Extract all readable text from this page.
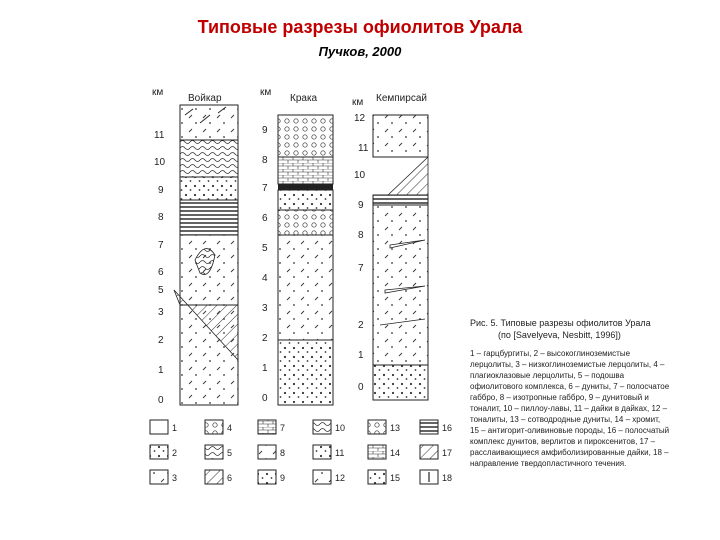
Типовые разрезы офиолитов Урала
Пучков, 2000
км	км
км
Войкар	Крака	Кемпирсай
11
10
9
8
7
6
5
3
2
1
0
9
8
7
6
5
4
3
2
1
0
12
11
10
9
8
7
2
1
0
1
2
3
4
5
6
7
8
9
10
11
12
13
14
15
16
17
18
Рис. 5. Типовые разрезы офиолитов Урала
(по [Savelyeva, Nesbitt, 1996])
1 – гарцбургиты, 2 – высокоглиноземистые лерцолиты, 3 – низкоглиноземистые лерцолиты, 4 – плагиоклазовые лерцолиты, 5 – подошва офиолитового комплекса, 6 – дуниты, 7 – полосчатое габбро, 8 – изотропные габбро, 9 – дунитовый и тоналит, 10 – пиллоу-лавы, 11 – дайки в дайках, 12 – тоналиты, 13 – сотводродные дуниты, 14 – хромит, 15 – антигорит-оливиновые породы, 16 – полосчатый комплекс дунитов, верлитов и пироксенитов, 17 – расслаивающиеся амфиболизированные дайки, 18 – направление твердопластичного течения.
